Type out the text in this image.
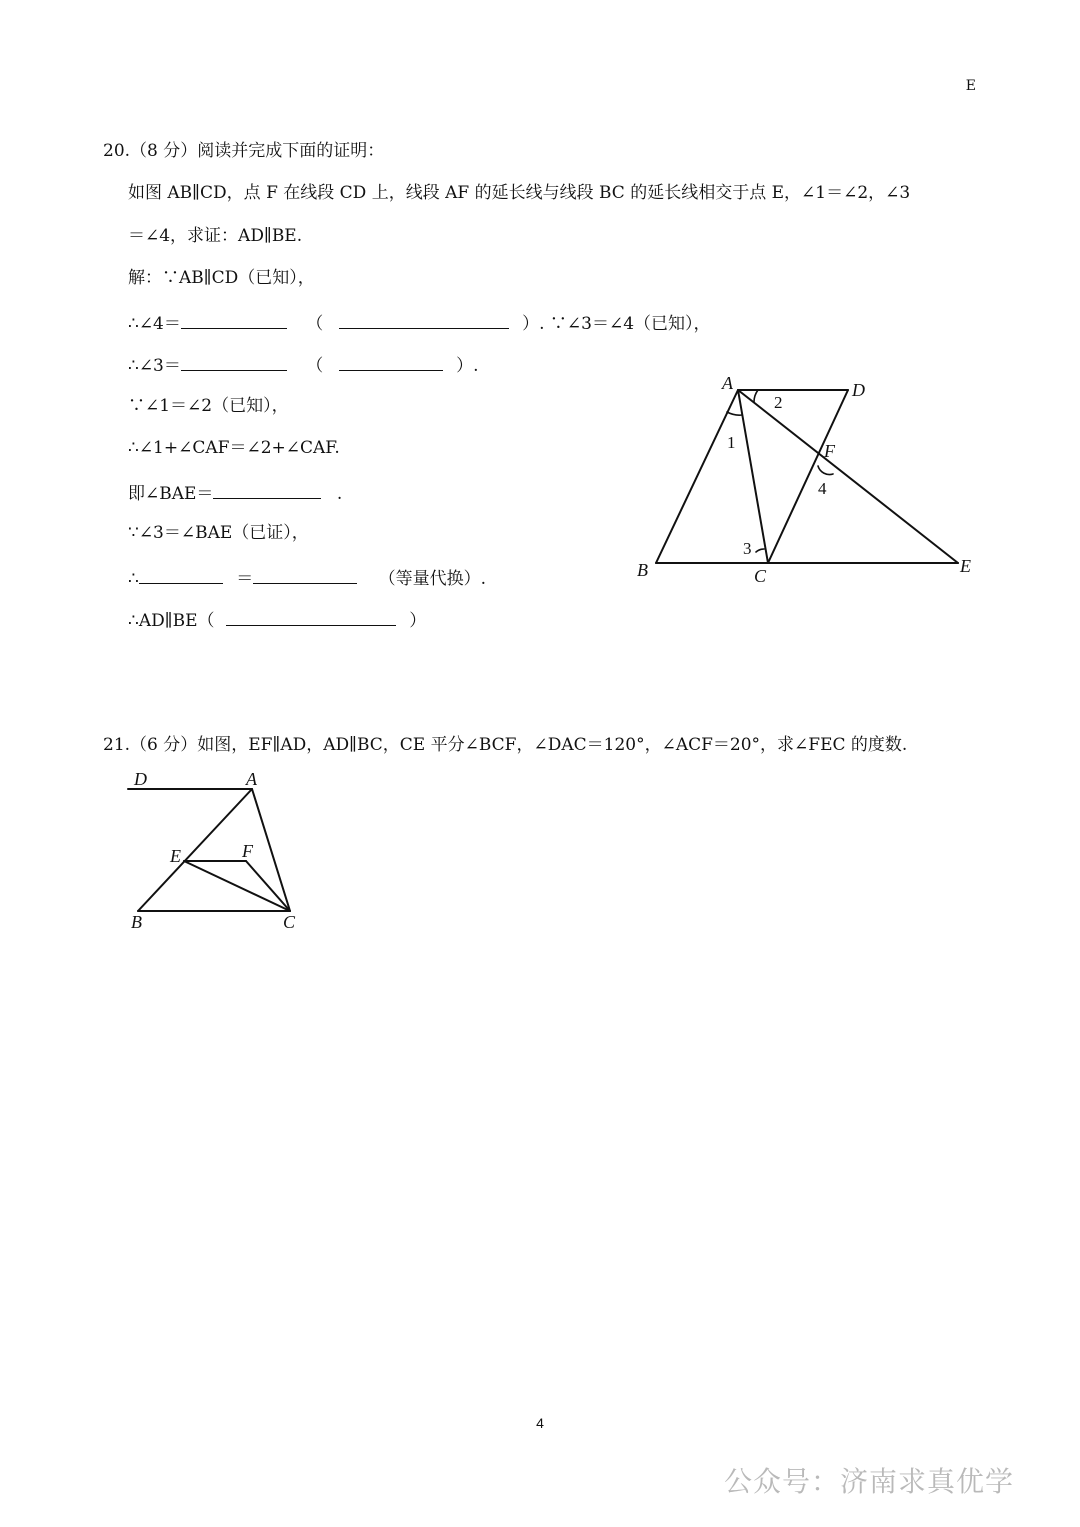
E
20.（8 分）阅读并完成下面的证明：
如图 AB∥CD，点 F 在线段 CD 上，线段 AF 的延长线与线段 BC 的延长线相交于点 E，∠1＝∠2，∠3
＝∠4，求证：AD∥BE.
解：∵AB∥CD（已知），
∴∠4＝	（	）. ∵∠3＝∠4（已知），
∴∠3＝	（	）.
∵∠1＝∠2（已知），
∴∠1+∠CAF＝∠2+∠CAF.
即∠BAE＝	.
∵∠3＝∠BAE（已证），
∴	＝	（等量代换）.
∴AD∥BE（	）
A	D
F
B	C	E
2
1
3
4
21.（6 分）如图，EF∥AD，AD∥BC，CE 平分∠BCF，∠DAC＝120°，∠ACF＝20°，求∠FEC 的度数.
D	A
E	F
B	C
4
公众号：济南求真优学
